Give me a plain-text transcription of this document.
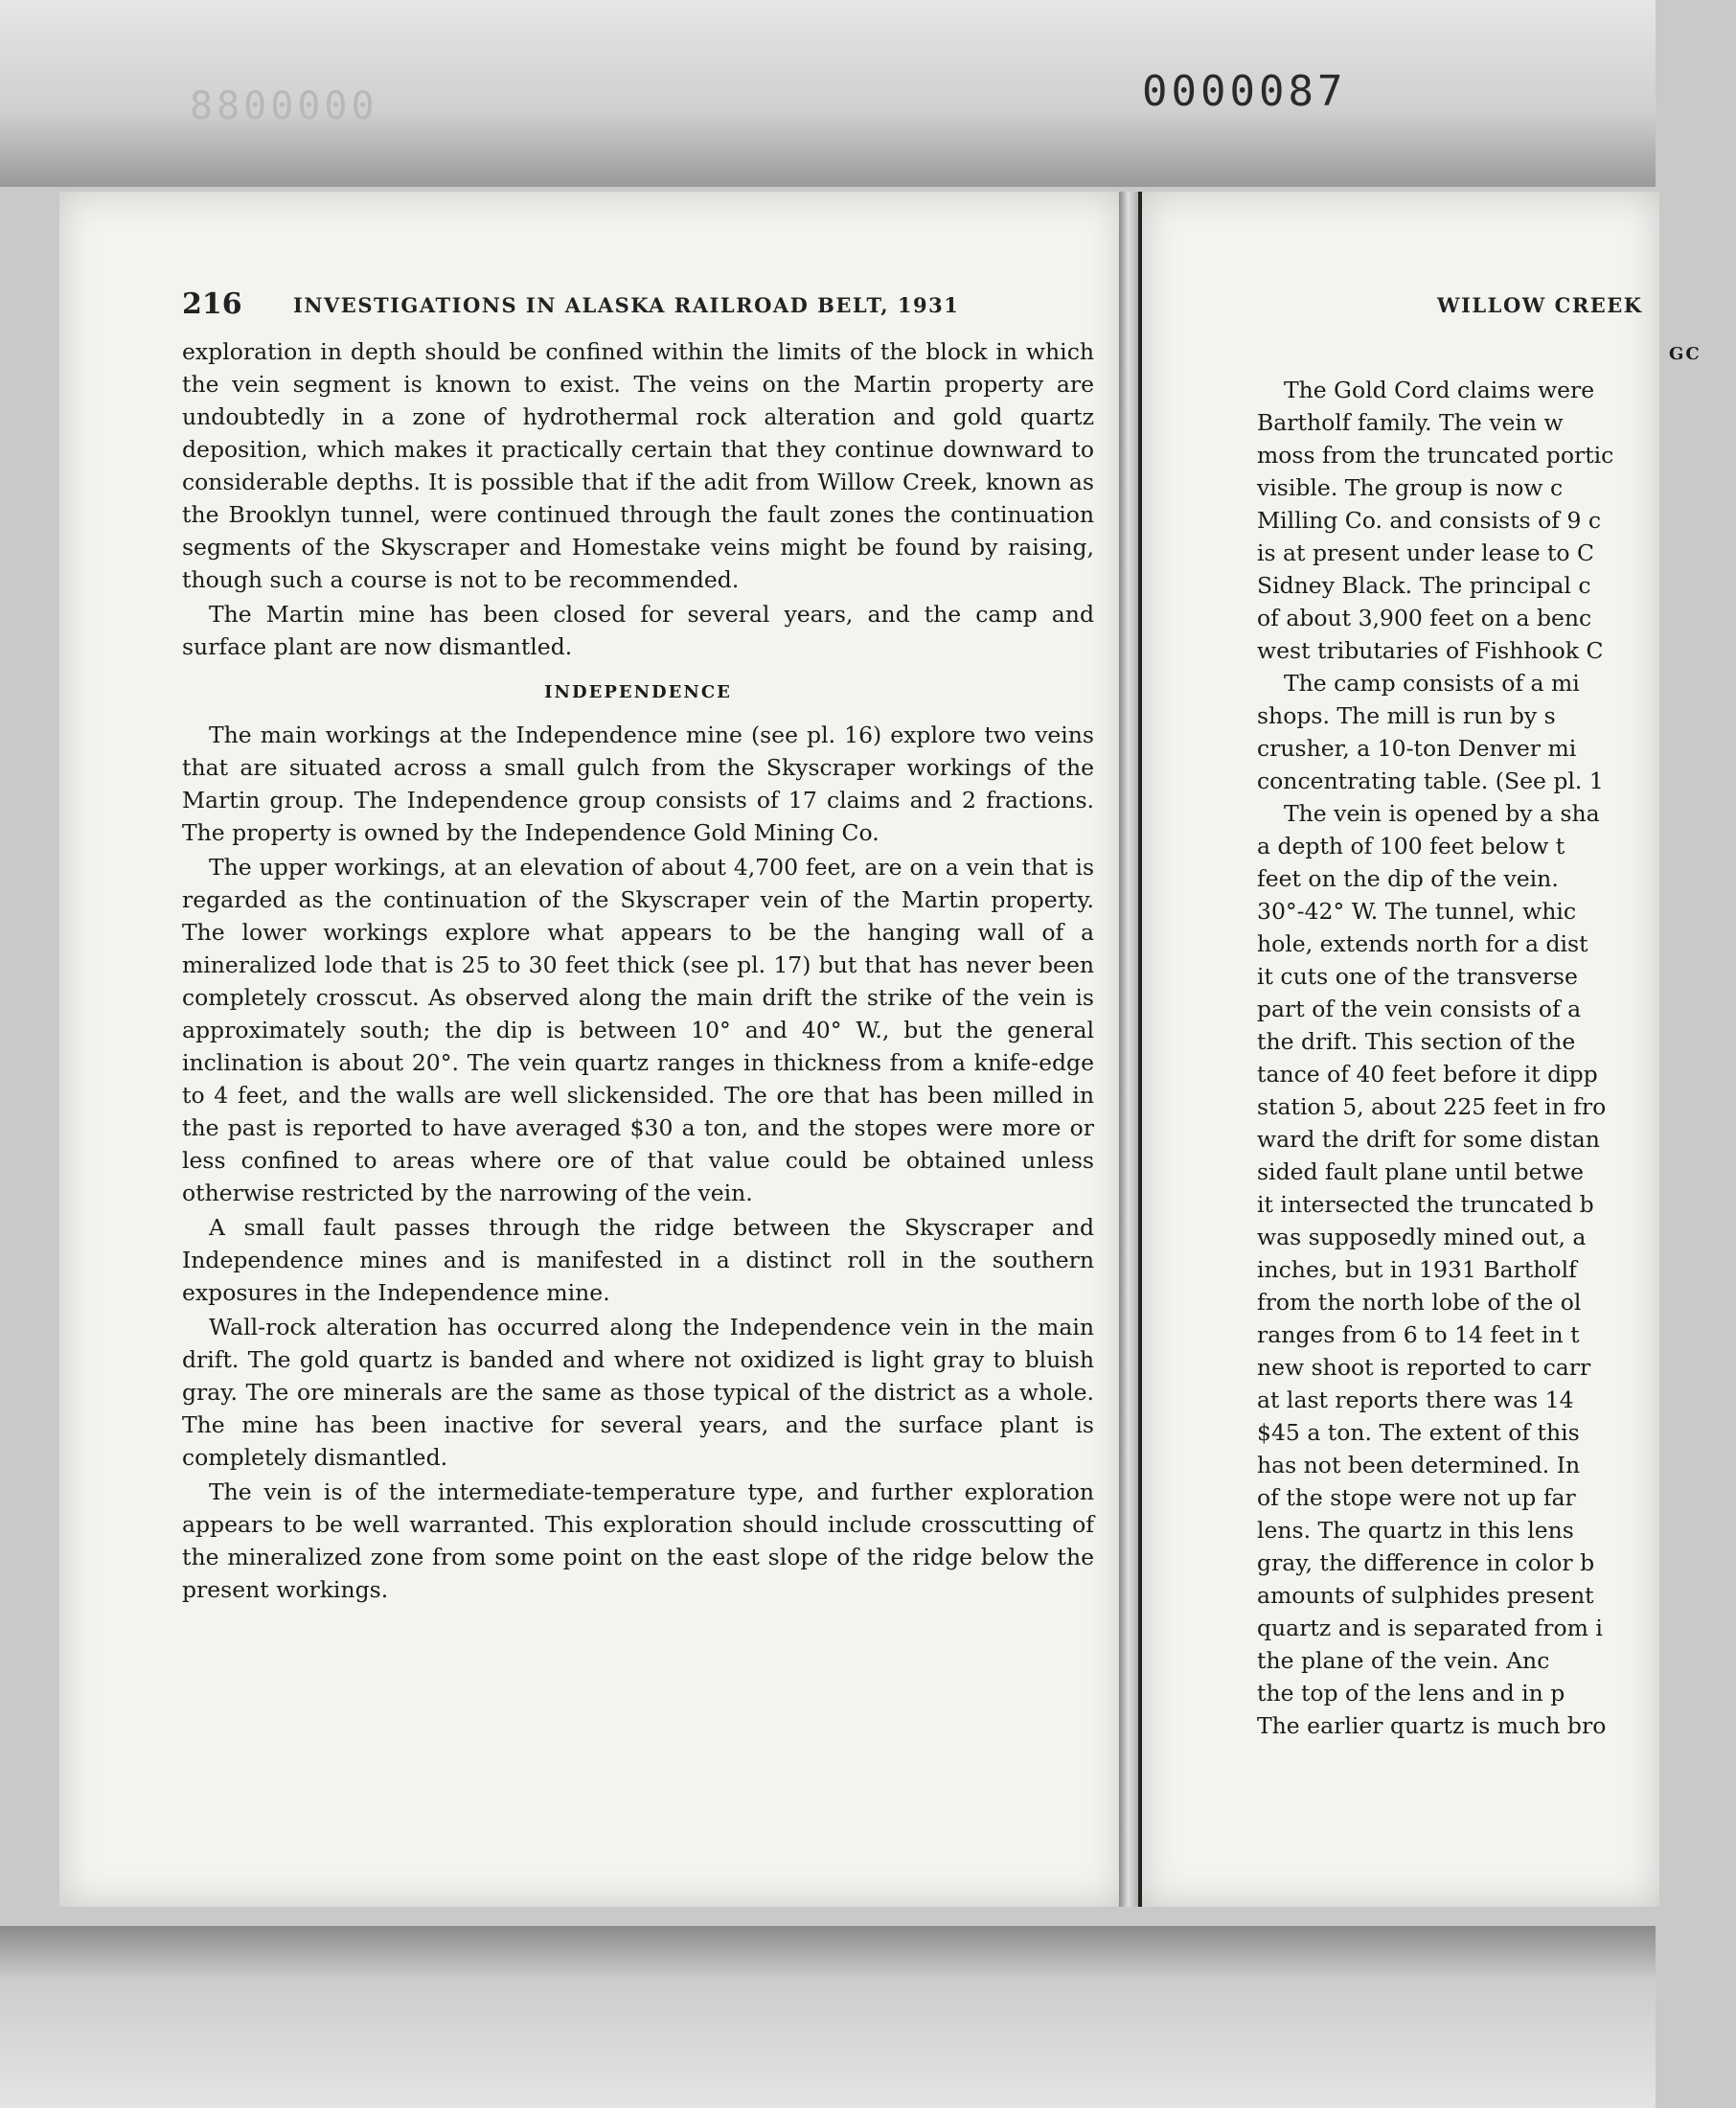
8800000	0000087
216	INVESTIGATIONS IN ALASKA RAILROAD BELT, 1931

exploration in depth should be confined within the limits of the block in which the vein segment is known to exist. The veins on the Martin property are undoubtedly in a zone of hydrothermal rock alteration and gold quartz deposition, which makes it practically certain that they continue downward to considerable depths. It is possible that if the adit from Willow Creek, known as the Brooklyn tunnel, were continued through the fault zones the continuation segments of the Skyscraper and Homestake veins might be found by raising, though such a course is not to be recommended.

The Martin mine has been closed for several years, and the camp and surface plant are now dismantled.

INDEPENDENCE

The main workings at the Independence mine (see pl. 16) explore two veins that are situated across a small gulch from the Skyscraper workings of the Martin group. The Independence group consists of 17 claims and 2 fractions. The property is owned by the Independence Gold Mining Co.

The upper workings, at an elevation of about 4,700 feet, are on a vein that is regarded as the continuation of the Skyscraper vein of the Martin property. The lower workings explore what appears to be the hanging wall of a mineralized lode that is 25 to 30 feet thick (see pl. 17) but that has never been completely crosscut. As observed along the main drift the strike of the vein is approximately south; the dip is between 10° and 40° W., but the general inclination is about 20°. The vein quartz ranges in thickness from a knife-edge to 4 feet, and the walls are well slickensided. The ore that has been milled in the past is reported to have averaged $30 a ton, and the stopes were more or less confined to areas where ore of that value could be obtained unless otherwise restricted by the narrowing of the vein.

A small fault passes through the ridge between the Skyscraper and Independence mines and is manifested in a distinct roll in the southern exposures in the Independence mine.

Wall-rock alteration has occurred along the Independence vein in the main drift. The gold quartz is banded and where not oxidized is light gray to bluish gray. The ore minerals are the same as those typical of the district as a whole. The mine has been inactive for several years, and the surface plant is completely dismantled.

The vein is of the intermediate-temperature type, and further exploration appears to be well warranted. This exploration should include crosscutting of the mineralized zone from some point on the east slope of the ridge below the present workings.

WILLOW CREEK
GC
The Gold Cord claims were
Bartholf family. The vein w
moss from the truncated portic
visible. The group is now c
Milling Co. and consists of 9 c
is at present under lease to C
Sidney Black. The principal c
of about 3,900 feet on a benc
west tributaries of Fishhook C
The camp consists of a mi
shops. The mill is run by s
crusher, a 10-ton Denver mi
concentrating table. (See pl. 1
The vein is opened by a sha
a depth of 100 feet below t
feet on the dip of the vein.
30°-42° W. The tunnel, whic
hole, extends north for a dist
it cuts one of the transverse
part of the vein consists of a
the drift. This section of the
tance of 40 feet before it dipp
station 5, about 225 feet in fro
ward the drift for some distan
sided fault plane until betwe
it intersected the truncated b
was supposedly mined out, a
inches, but in 1931 Bartholf
from the north lobe of the ol
ranges from 6 to 14 feet in t
new shoot is reported to carr
at last reports there was 14
$45 a ton. The extent of this
has not been determined. In
of the stope were not up far
lens. The quartz in this lens
gray, the difference in color b
amounts of sulphides present
quartz and is separated from i
the plane of the vein. Anc
the top of the lens and in p
The earlier quartz is much bro
